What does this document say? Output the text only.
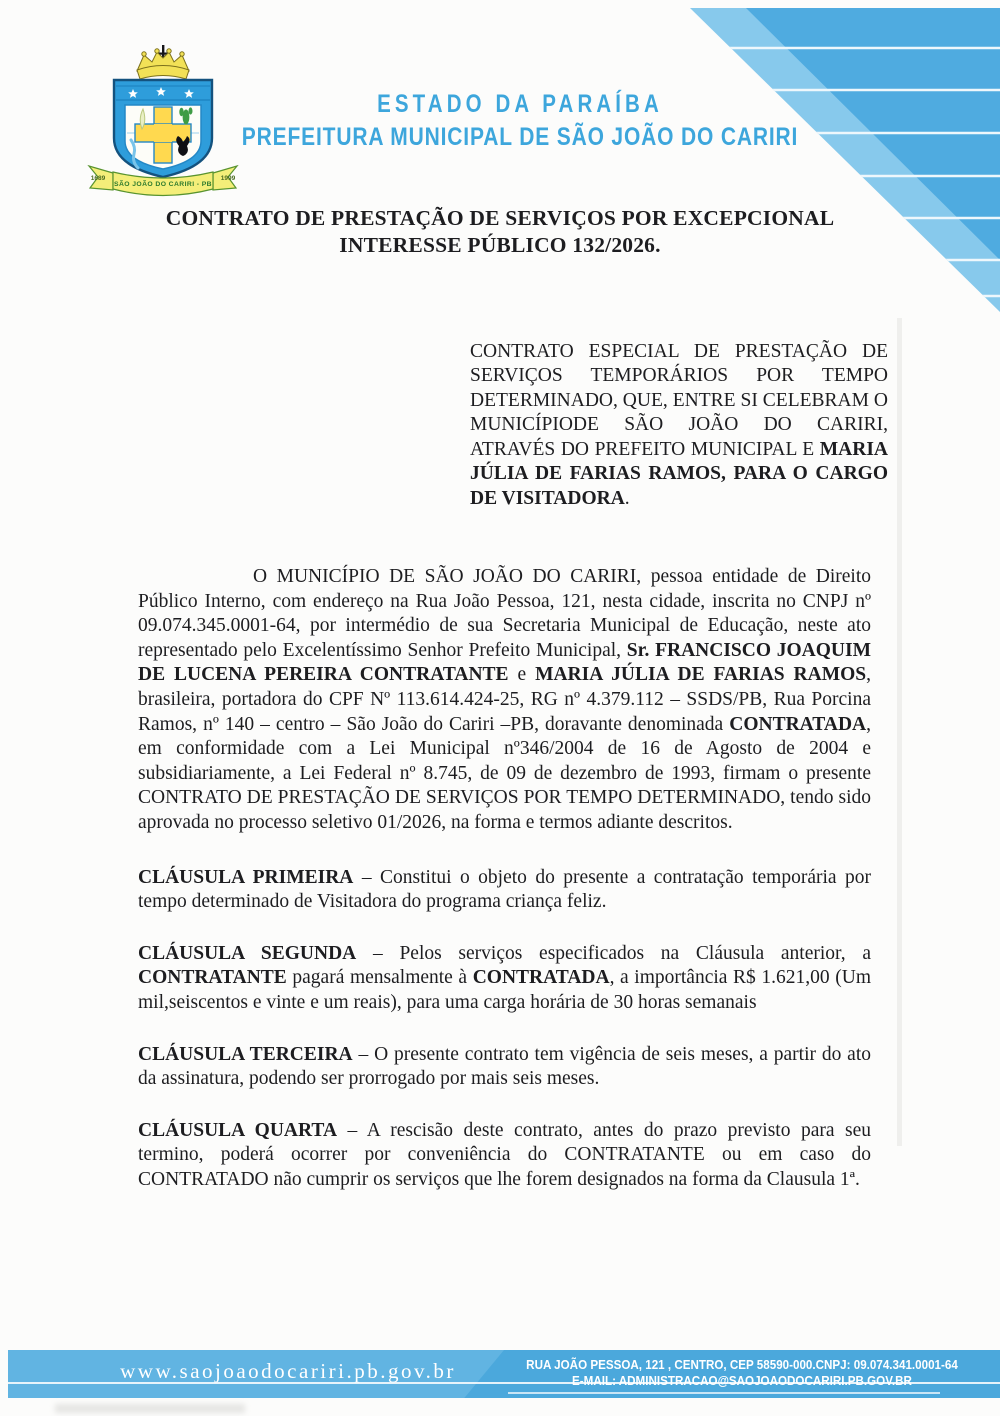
1689	1999
SÃO JOÃO DO CARIRI - PB
ESTADO DA PARAÍBA
PREFEITURA MUNICIPAL DE SÃO JOÃO DO CARIRI
CONTRATO DE PRESTAÇÃO DE SERVIÇOS POR EXCEPCIONAL
INTERESSE PÚBLICO 132/2026.

CONTRATO ESPECIAL DE PRESTAÇÃO DE SERVIÇOS TEMPORÁRIOS POR TEMPO DETERMINADO, QUE, ENTRE SI CELEBRAM O MUNICÍPIODE SÃO JOÃO DO CARIRI, ATRAVÉS DO PREFEITO MUNICIPAL E MARIA JÚLIA DE FARIAS RAMOS, PARA O CARGO DE VISITADORA.

O MUNICÍPIO DE SÃO JOÃO DO CARIRI, pessoa entidade de Direito Público Interno, com endereço na Rua João Pessoa, 121, nesta cidade, inscrita no CNPJ nº 09.074.345.0001-64, por intermédio de sua Secretaria Municipal de Educação, neste ato representado pelo Excelentíssimo Senhor Prefeito Municipal, Sr. FRANCISCO JOAQUIM DE LUCENA PEREIRA CONTRATANTE e MARIA JÚLIA DE FARIAS RAMOS, brasileira, portadora do CPF Nº 113.614.424-25, RG nº 4.379.112 – SSDS/PB, Rua Porcina Ramos, nº 140 – centro – São João do Cariri –PB, doravante denominada CONTRATADA, em conformidade com a Lei Municipal nº346/2004 de 16 de Agosto de 2004 e subsidiariamente, a Lei Federal nº 8.745, de 09 de dezembro de 1993, firmam o presente CONTRATO DE PRESTAÇÃO DE SERVIÇOS POR TEMPO DETERMINADO, tendo sido aprovada no processo seletivo 01/2026, na forma e termos adiante descritos.

CLÁUSULA PRIMEIRA – Constitui o objeto do presente a contratação temporária por tempo determinado de Visitadora do programa criança feliz.

CLÁUSULA SEGUNDA – Pelos serviços especificados na Cláusula anterior, a CONTRATANTE pagará mensalmente à CONTRATADA, a importância R$ 1.621,00 (Um mil,seiscentos e vinte e um reais), para uma carga horária de 30 horas semanais

CLÁUSULA TERCEIRA – O presente contrato tem vigência de seis meses, a partir do ato da assinatura, podendo ser prorrogado por mais seis meses.

CLÁUSULA QUARTA – A rescisão deste contrato, antes do prazo previsto para seu termino, poderá ocorrer por conveniência do CONTRATANTE ou em caso do CONTRATADO não cumprir os serviços que lhe forem designados na forma da Clausula 1ª.

www.saojoaodocariri.pb.gov.br	RUA JOÃO PESSOA, 121 , CENTRO, CEP 58590-000.CNPJ: 09.074.341.0001-64
E-MAIL: ADMINISTRACAO@SAOJOAODOCARIRI.PB.GOV.BR
